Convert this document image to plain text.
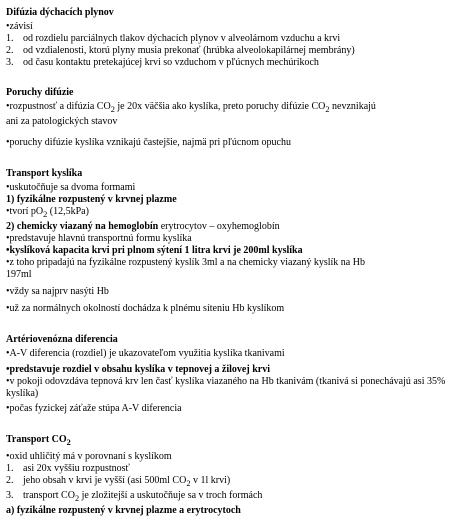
Difúzia dýchacích plynov
•závisí
1. od rozdielu parciálnych tlakov dýchacích plynov v alveolárnom vzduchu a krvi
2. od vzdialenosti, ktorú plyny musia prekonať (hrúbka alveolokapilárnej membrány)
3. od času kontaktu pretekajúcej krvi so vzduchom v pľúcnych mechúrikoch
Poruchy difúzie
•rozpustnosť a difúzia $CO_2$ je 20x väčšia ako kyslíka, preto poruchy difúzie $CO_2$ nevznikajú
ani za patologických stavov
•poruchy difúzie kyslíka vznikajú častejšie, najmä pri pľúcnom opuchu
Transport kyslíka
•uskutočňuje sa dvoma formami
1) fyzikálne rozpustený v krvnej plazme
•tvorí $pO_2$ (12,5kPa)
2) chemicky viazaný na hemoglobín erytrocytov – oxyhemoglobín
•predstavuje hlavnú transportnú formu kyslíka
•kyslíková kapacita krvi pri plnom sýtení 1 litra krvi je 200ml kyslíka
•z toho pripadajú na fyzikálne rozpustený kyslík 3ml a na chemicky viazaný kyslík na Hb
197ml
•vždy sa najprv nasýti Hb
•už za normálnych okolností dochádza k plnému síteniu Hb kyslíkom
Artériovenózna diferencia
•A-V diferencia (rozdiel) je ukazovateľom využitia kyslíka tkanivami
•predstavuje rozdiel v obsahu kyslíka v tepnovej a žilovej krvi
•v pokoji odovzdáva tepnová krv len časť kyslíka viazaného na Hb tkanivám (tkanivá si ponechávajú asi 35% kyslíka)
•počas fyzickej záťaže stúpa A-V diferencia
Transport $CO_2$
•oxid uhličitý má v porovnaní s kyslíkom
1. asi 20x vyššiu rozpustnosť
2. jeho obsah v krvi je vyšší (asi 500ml $CO_2$ v 1l krvi)
3. transport $CO_2$ je zložitejší a uskutočňuje sa v troch formách
a) fyzikálne rozpustený v krvnej plazme a erytrocytoch
